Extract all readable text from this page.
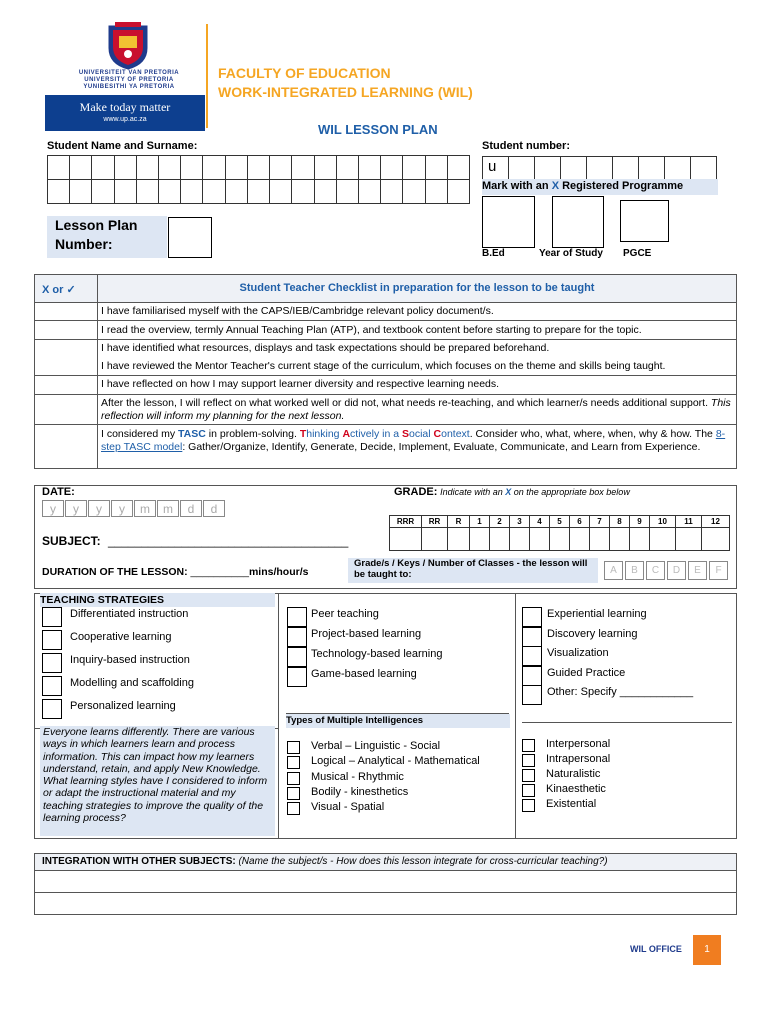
UNIVERSITEIT VAN PRETORIA
UNIVERSITY OF PRETORIA
YUNIBESITHI YA PRETORIA
Make today matter
www.up.ac.za
FACULTY OF EDUCATION
WORK-INTEGRATED LEARNING (WIL)
WIL LESSON PLAN
Student Name and Surname:	Student number:
u
Mark with an X Registered Programme
B.Ed	Year of Study PGCE
Lesson Plan
Number:
X or ✓	Student Teacher Checklist in preparation for the lesson to be taught
I have familiarised myself with the CAPS/IEB/Cambridge relevant policy document/s.
I read the overview, termly Annual Teaching Plan (ATP), and textbook content before starting to prepare for the topic.
I have identified what resources, displays and task expectations should be prepared beforehand.
I have reviewed the Mentor Teacher's current stage of the curriculum, which focuses on the theme and skills being taught.
I have reflected on how I may support learner diversity and respective learning needs.
After the lesson, I will reflect on what worked well or did not, what needs re-teaching, and which learner/s needs additional support. This reflection will inform my planning for the next lesson.
I considered my TASC in problem-solving. Thinking Actively in a Social Context. Consider who, what, where, when, why & how. The 8-step TASC model: Gather/Organize, Identify, Generate, Decide, Implement, Evaluate, Communicate, and Learn from Experience.
DATE:
y	y	y	y	m	m	d	d
GRADE: Indicate with an X on the appropriate box below
RRR	RR	R	1	2	3	4	5	6	7	8	9	10	11	12
SUBJECT: ____________________________________
DURATION OF THE LESSON: __________mins/hour/s
Grade/s / Keys / Number of Classes - the lesson will be taught to:	A	B	C	D	E	F
TEACHING STRATEGIES
Differentiated instruction
Cooperative learning
Inquiry-based instruction
Modelling and scaffolding
Personalized learning
Peer teaching
Project-based learning
Technology-based learning
Game-based learning
Experiential learning
Discovery learning
Visualization
Guided Practice
Other: Specify ____________
Everyone learns differently. There are various ways in which learners learn and process information. This can impact how my learners understand, retain, and apply New Knowledge. What learning styles have I considered to inform or adapt the instructional material and my teaching strategies to improve the quality of the learning process?
Types of Multiple Intelligences
Verbal – Linguistic - Social
Logical – Analytical - Mathematical
Musical - Rhythmic
Bodily - kinesthetics
Visual - Spatial
Interpersonal
Intrapersonal
Naturalistic
Kinaesthetic
Existential
INTEGRATION WITH OTHER SUBJECTS: (Name the subject/s - How does this lesson integrate for cross-curricular teaching?)
WIL OFFICE	1
